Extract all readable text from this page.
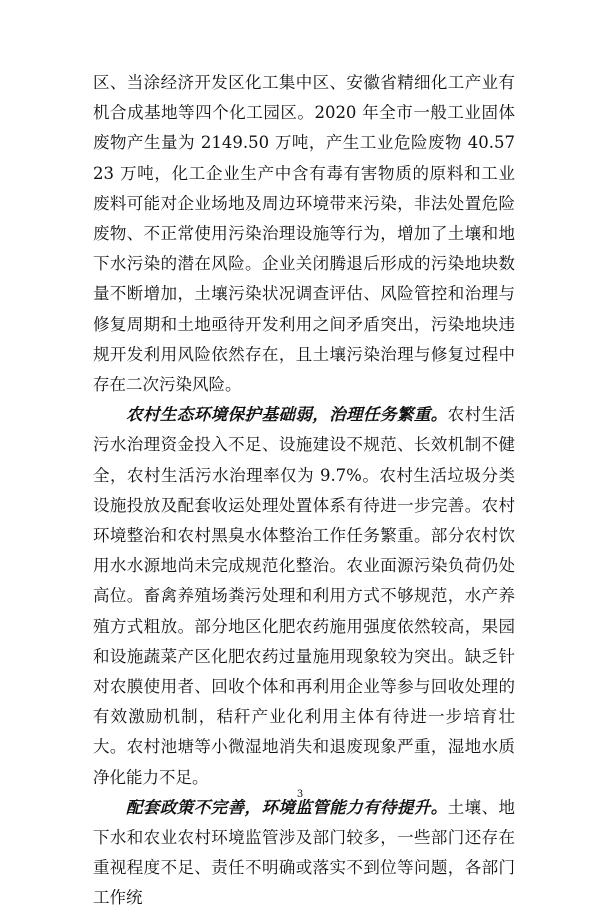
区、当涂经济开发区化工集中区、安徽省精细化工产业有机合成基地等四个化工园区。2020 年全市一般工业固体废物产生量为 2149.50 万吨，产生工业危险废物 40.5723 万吨，化工企业生产中含有毒有害物质的原料和工业废料可能对企业场地及周边环境带来污染，非法处置危险废物、不正常使用污染治理设施等行为，增加了土壤和地下水污染的潜在风险。企业关闭腾退后形成的污染地块数量不断增加，土壤污染状况调查评估、风险管控和治理与修复周期和土地亟待开发利用之间矛盾突出，污染地块违规开发利用风险依然存在，且土壤污染治理与修复过程中存在二次污染风险。

农村生态环境保护基础弱，治理任务繁重。农村生活污水治理资金投入不足、设施建设不规范、长效机制不健全，农村生活污水治理率仅为 9.7%。农村生活垃圾分类设施投放及配套收运处理处置体系有待进一步完善。农村环境整治和农村黑臭水体整治工作任务繁重。部分农村饮用水水源地尚未完成规范化整治。农业面源污染负荷仍处高位。畜禽养殖场粪污处理和利用方式不够规范，水产养殖方式粗放。部分地区化肥农药施用强度依然较高，果园和设施蔬菜产区化肥农药过量施用现象较为突出。缺乏针对农膜使用者、回收个体和再利用企业等参与回收处理的有效激励机制，秸秆产业化利用主体有待进一步培育壮大。农村池塘等小微湿地消失和退废现象严重，湿地水质净化能力不足。

配套政策不完善，环境监管能力有待提升。土壤、地下水和农业农村环境监管涉及部门较多，一些部门还存在重视程度不足、责任不明确或落实不到位等问题，各部门工作统

3
